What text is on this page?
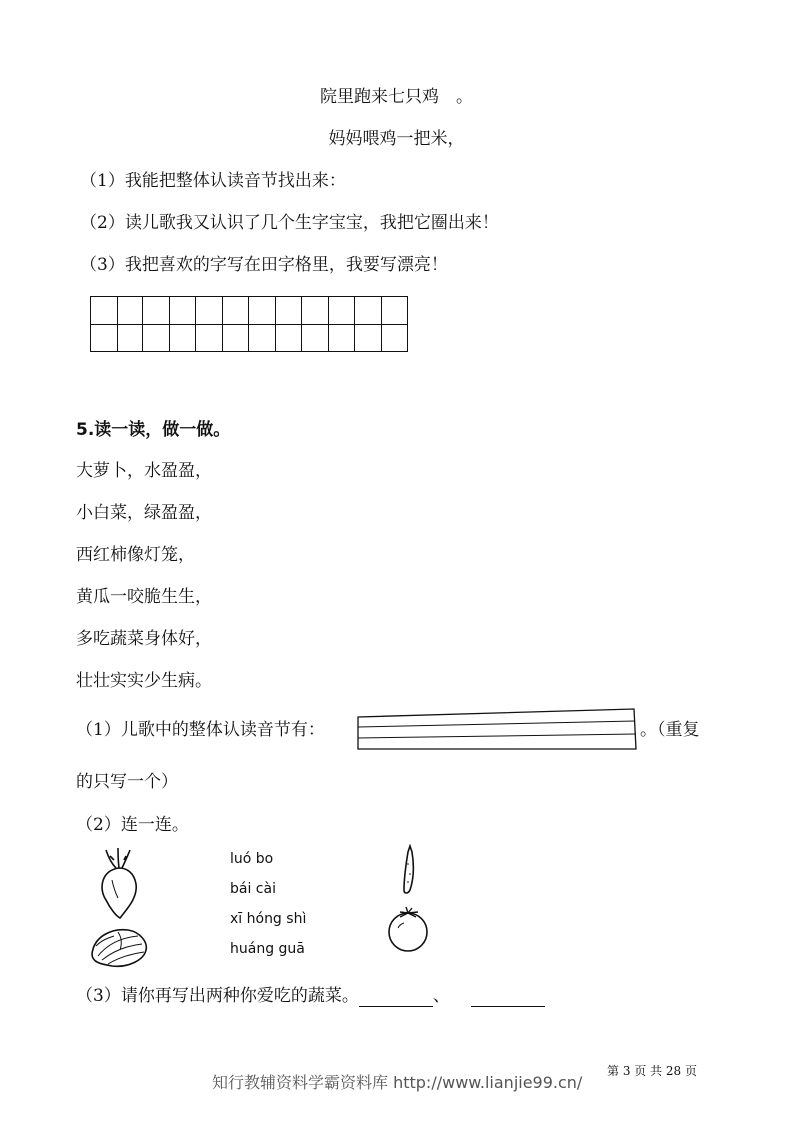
院里跑来七只鸡　。
妈妈喂鸡一把米，
（1）我能把整体认读音节找出来：
（2）读儿歌我又认识了几个生字宝宝，我把它圈出来！
（3）我把喜欢的字写在田字格里，我要写漂亮！
5.读一读，做一做。
大萝卜，水盈盈，
小白菜，绿盈盈，
西红柿像灯笼，
黄瓜一咬脆生生，
多吃蔬菜身体好，
壮壮实实少生病。
（1）儿歌中的整体认读音节有：	。（重复
的只写一个）
（2）连一连。
luó bo
bái cài
xī hóng shì
huáng guā
（3）请你再写出两种你爱吃的蔬菜。	、
知行教辅资料学霸资料库 http://www.lianjie99.cn/
第 3 页 共 28 页
